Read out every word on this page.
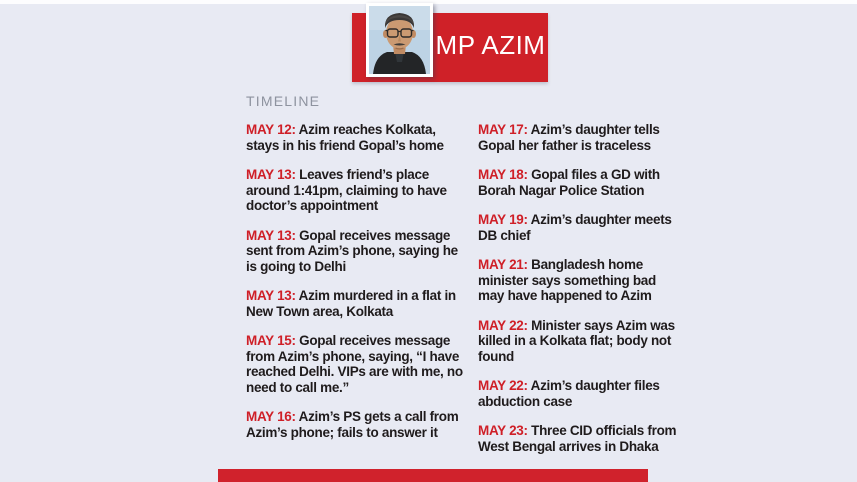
MP AZIM
TIMELINE

MAY 12: Azim reaches Kolkata, stays in his friend Gopal’s home

MAY 13: Leaves friend’s place around 1:41pm, claiming to have doctor’s appointment

MAY 13: Gopal receives message sent from Azim’s phone, saying he is going to Delhi

MAY 13: Azim murdered in a flat in New Town area, Kolkata

MAY 15: Gopal receives message from Azim’s phone, saying, “I have reached Delhi. VIPs are with me, no need to call me.”

MAY 16: Azim’s PS gets a call from Azim’s phone; fails to answer it

MAY 17: Azim’s daughter tells Gopal her father is traceless

MAY 18: Gopal files a GD with Borah Nagar Police Station

MAY 19: Azim’s daughter meets DB chief

MAY 21: Bangladesh home minister says something bad may have happened to Azim

MAY 22: Minister says Azim was killed in a Kolkata flat; body not found

MAY 22: Azim’s daughter files abduction case

MAY 23: Three CID officials from West Bengal arrives in Dhaka
